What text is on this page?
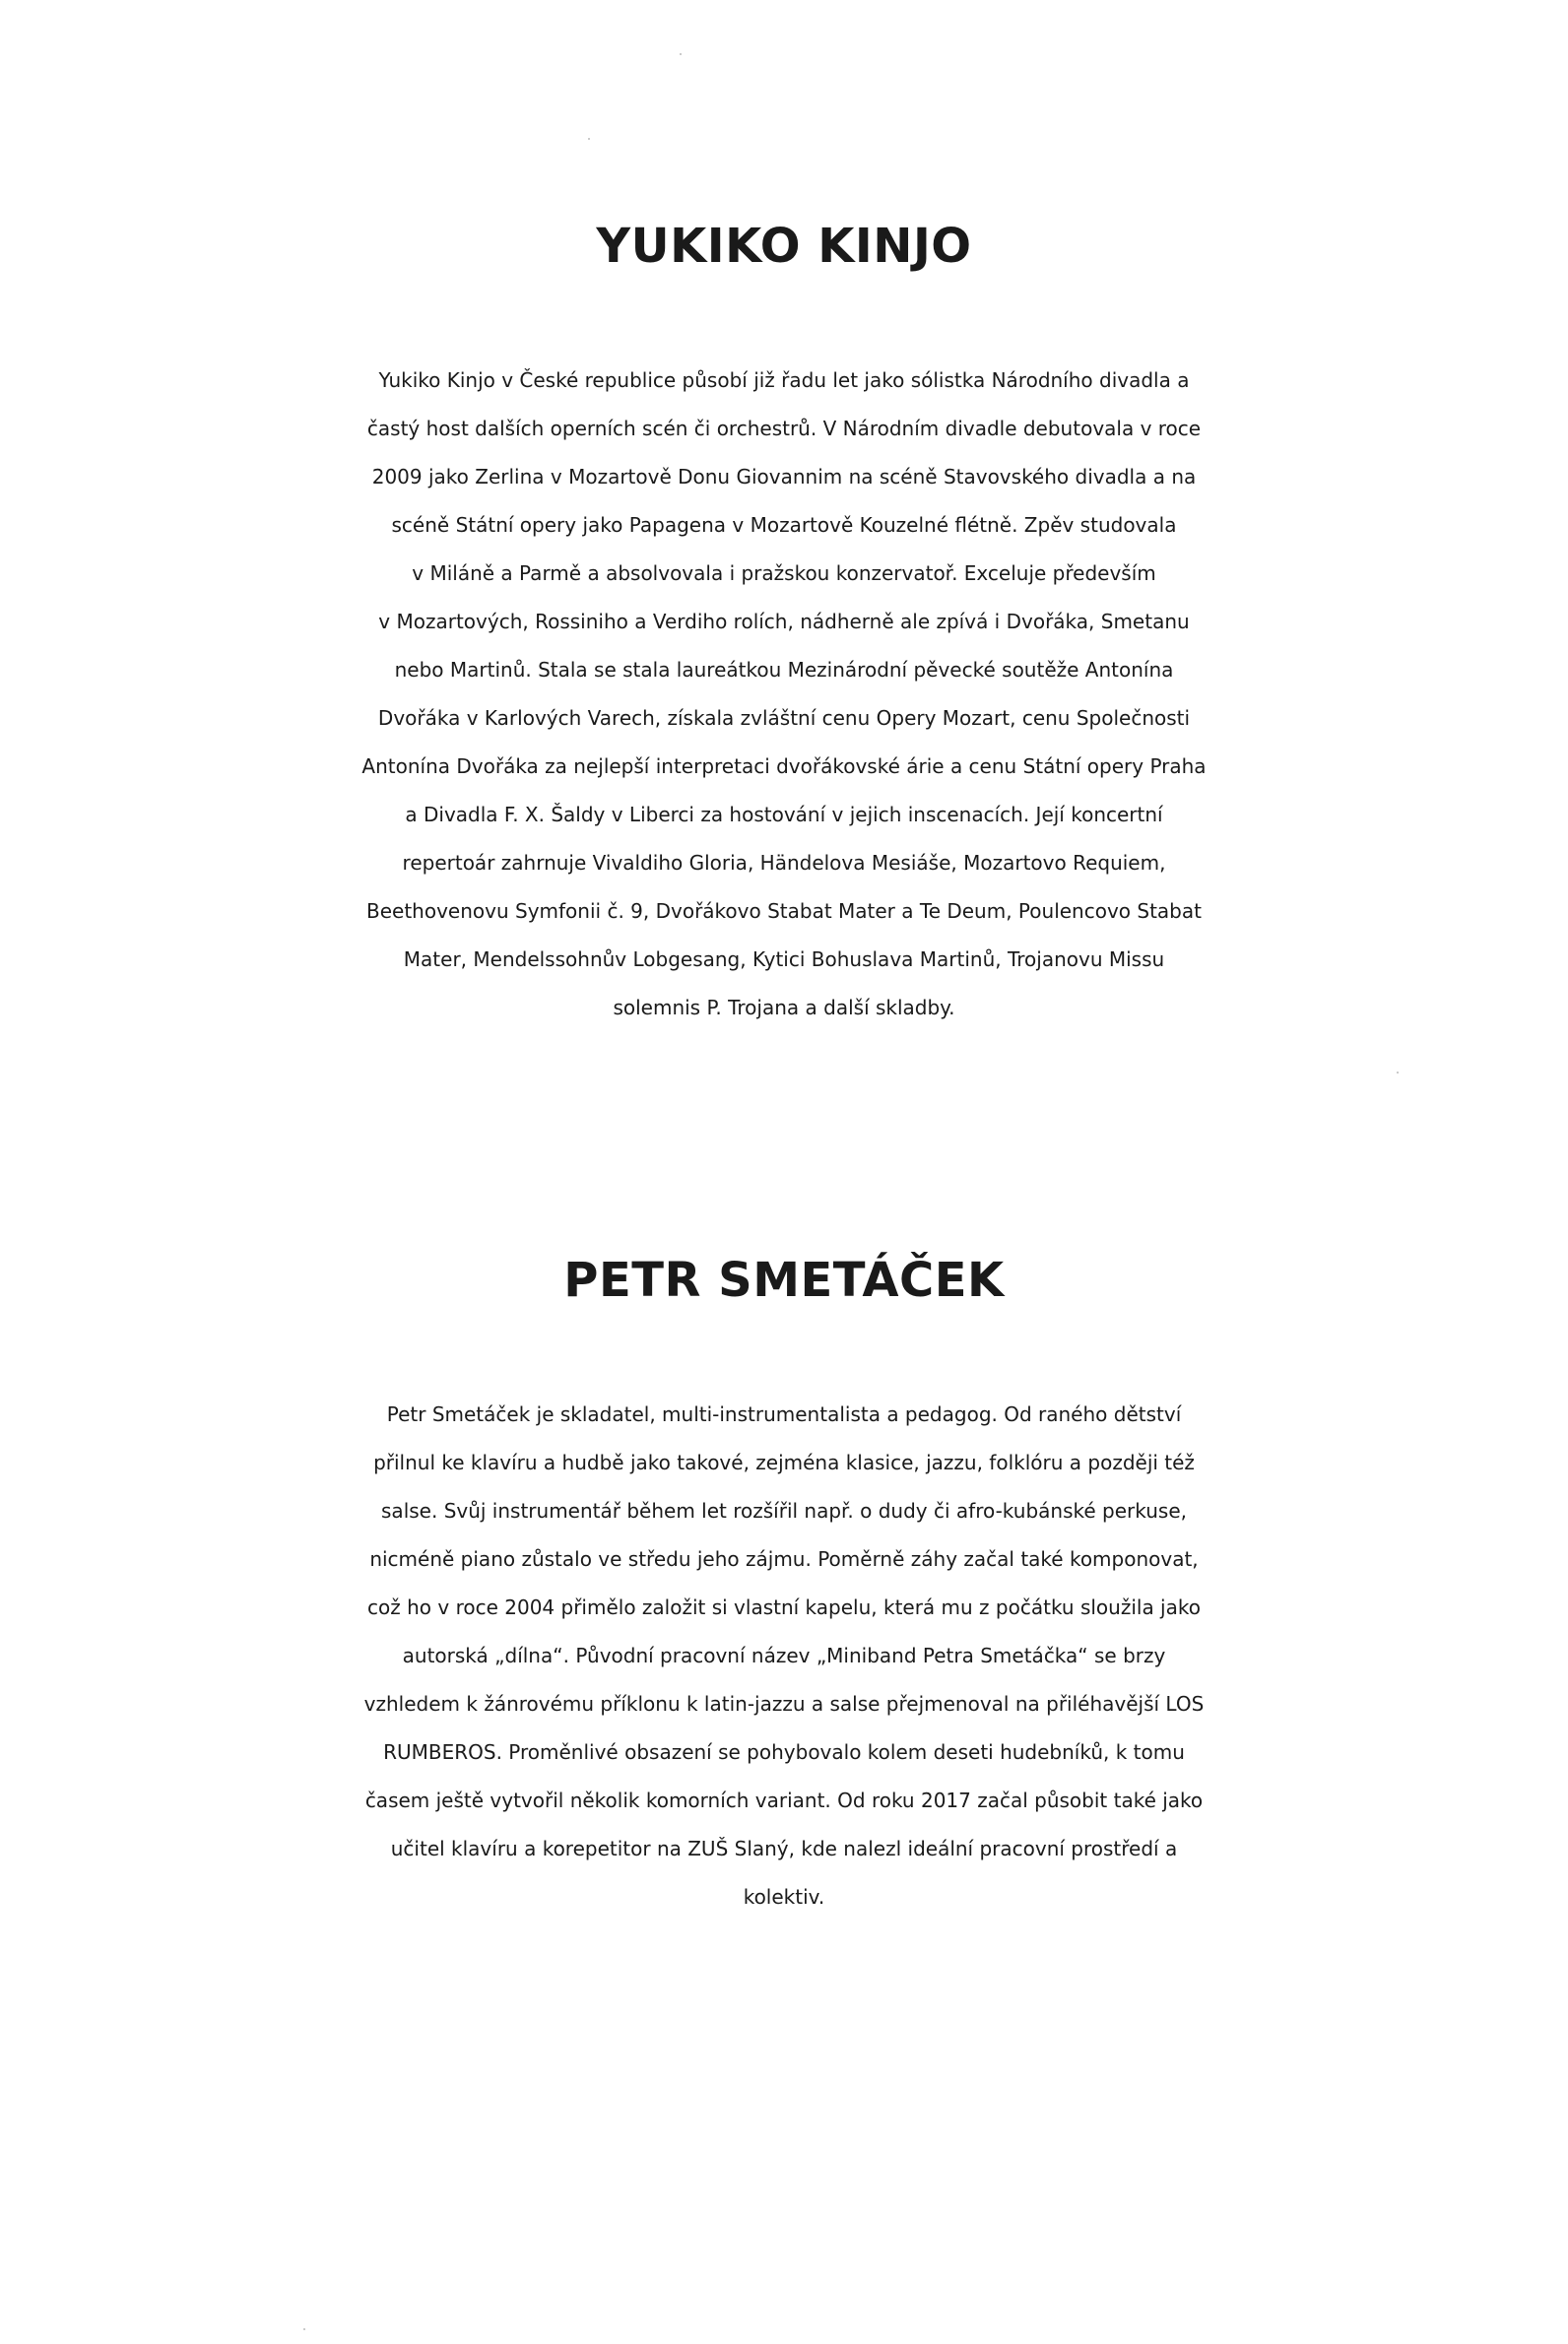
YUKIKO KINJO

Yukiko Kinjo v České republice působí již řadu let jako sólistka Národního divadla a
častý host dalších operních scén či orchestrů. V Národním divadle debutovala v roce
2009 jako Zerlina v Mozartově Donu Giovannim na scéně Stavovského divadla a na
scéně Státní opery jako Papagena v Mozartově Kouzelné flétně. Zpěv studovala
v Miláně a Parmě a absolvovala i pražskou konzervatoř. Exceluje především
v Mozartových, Rossiniho a Verdiho rolích, nádherně ale zpívá i Dvořáka, Smetanu
nebo Martinů. Stala se stala laureátkou Mezinárodní pěvecké soutěže Antonína
Dvořáka v Karlových Varech, získala zvláštní cenu Opery Mozart, cenu Společnosti
Antonína Dvořáka za nejlepší interpretaci dvořákovské árie a cenu Státní opery Praha
a Divadla F. X. Šaldy v Liberci za hostování v jejich inscenacích. Její koncertní
repertoár zahrnuje Vivaldiho Gloria, Händelova Mesiáše, Mozartovo Requiem,
Beethovenovu Symfonii č. 9, Dvořákovo Stabat Mater a Te Deum, Poulencovo Stabat
Mater, Mendelssohnův Lobgesang, Kytici Bohuslava Martinů, Trojanovu Missu
solemnis P. Trojana a další skladby.

PETR SMETÁČEK

Petr Smetáček je skladatel, multi-instrumentalista a pedagog. Od raného dětství
přilnul ke klavíru a hudbě jako takové, zejména klasice, jazzu, folklóru a později též
salse. Svůj instrumentář během let rozšířil např. o dudy či afro-kubánské perkuse,
nicméně piano zůstalo ve středu jeho zájmu. Poměrně záhy začal také komponovat,
což ho v roce 2004 přimělo založit si vlastní kapelu, která mu z počátku sloužila jako
autorská „dílna“. Původní pracovní název „Miniband Petra Smetáčka“ se brzy
vzhledem k žánrovému příklonu k latin-jazzu a salse přejmenoval na přiléhavější LOS
RUMBEROS. Proměnlivé obsazení se pohybovalo kolem deseti hudebníků, k tomu
časem ještě vytvořil několik komorních variant. Od roku 2017 začal působit také jako
učitel klavíru a korepetitor na ZUŠ Slaný, kde nalezl ideální pracovní prostředí a
kolektiv.
